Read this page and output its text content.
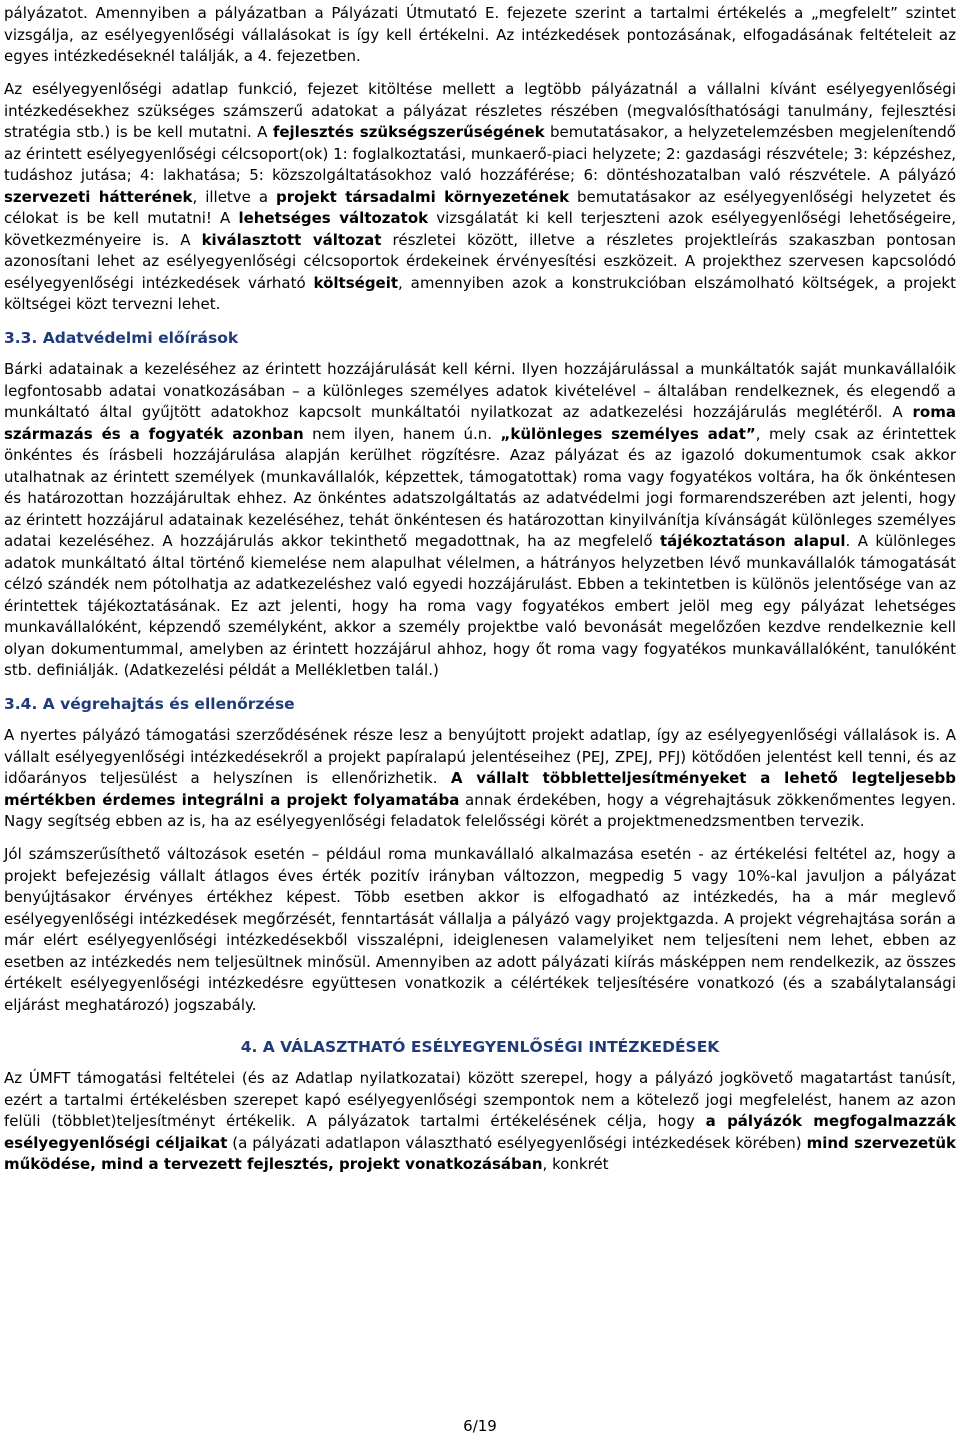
pályázatot. Amennyiben a pályázatban a Pályázati Útmutató E. fejezete szerint a tartalmi értékelés a „megfelelt” szintet vizsgálja, az esélyegyenlőségi vállalásokat is így kell értékelni. Az intézkedések pontozásának, elfogadásának feltételeit az egyes intézkedéseknél találják, a 4. fejezetben.
Az esélyegyenlőségi adatlap funkció, fejezet kitöltése mellett a legtöbb pályázatnál a vállalni kívánt esélyegyenlőségi intézkedésekhez szükséges számszerű adatokat a pályázat részletes részében (megvalósíthatósági tanulmány, fejlesztési stratégia stb.) is be kell mutatni. A fejlesztés szükségszerűségének bemutatásakor, a helyzetelemzésben megjelenítendő az érintett esélyegyenlőségi célcsoport(ok) 1: foglalkoztatási, munkaerő-piaci helyzete; 2: gazdasági részvétele; 3: képzéshez, tudáshoz jutása; 4: lakhatása; 5: közszolgáltatásokhoz való hozzáférése; 6: döntéshozatalban való részvétele. A pályázó szervezeti hátterének, illetve a projekt társadalmi környezetének bemutatásakor az esélyegyenlőségi helyzetet és célokat is be kell mutatni! A lehetséges változatok vizsgálatát ki kell terjeszteni azok esélyegyenlőségi lehetőségeire, következményeire is. A kiválasztott változat részletei között, illetve a részletes projektleírás szakaszban pontosan azonosítani lehet az esélyegyenlőségi célcsoportok érdekeinek érvényesítési eszközeit. A projekthez szervesen kapcsolódó esélyegyenlőségi intézkedések várható költségeit, amennyiben azok a konstrukcióban elszámolható költségek, a projekt költségei közt tervezni lehet.
3.3. Adatvédelmi előírások
Bárki adatainak a kezeléséhez az érintett hozzájárulását kell kérni. Ilyen hozzájárulással a munkáltatók saját munkavállalóik legfontosabb adatai vonatkozásában – a különleges személyes adatok kivételével – általában rendelkeznek, és elegendő a munkáltató által gyűjtött adatokhoz kapcsolt munkáltatói nyilatkozat az adatkezelési hozzájárulás meglétéről. A roma származás és a fogyaték azonban nem ilyen, hanem ú.n. „különleges személyes adat”, mely csak az érintettek önkéntes és írásbeli hozzájárulása alapján kerülhet rögzítésre. Azaz pályázat és az igazoló dokumentumok csak akkor utalhatnak az érintett személyek (munkavállalók, képzettek, támogatottak) roma vagy fogyatékos voltára, ha ők önkéntesen és határozottan hozzájárultak ehhez. Az önkéntes adatszolgáltatás az adatvédelmi jogi formarendszerében azt jelenti, hogy az érintett hozzájárul adatainak kezeléséhez, tehát önkéntesen és határozottan kinyilvánítja kívánságát különleges személyes adatai kezeléséhez. A hozzájárulás akkor tekinthető megadottnak, ha az megfelelő tájékoztatáson alapul. A különleges adatok munkáltató által történő kiemelése nem alapulhat vélelmen, a hátrányos helyzetben lévő munkavállalók támogatását célzó szándék nem pótolhatja az adatkezeléshez való egyedi hozzájárulást. Ebben a tekintetben is különös jelentősége van az érintettek tájékoztatásának. Ez azt jelenti, hogy ha roma vagy fogyatékos embert jelöl meg egy pályázat lehetséges munkavállalóként, képzendő személyként, akkor a személy projektbe való bevonását megelőzően kezdve rendelkeznie kell olyan dokumentummal, amelyben az érintett hozzájárul ahhoz, hogy őt roma vagy fogyatékos munkavállalóként, tanulóként stb. definiálják. (Adatkezelési példát a Mellékletben talál.)
3.4. A végrehajtás és ellenőrzése
A nyertes pályázó támogatási szerződésének része lesz a benyújtott projekt adatlap, így az esélyegyenlőségi vállalások is. A vállalt esélyegyenlőségi intézkedésekről a projekt papíralapú jelentéseihez (PEJ, ZPEJ, PFJ) kötődően jelentést kell tenni, és az időarányos teljesülést a helyszínen is ellenőrizhetik. A vállalt többletteljesítményeket a lehető legteljesebb mértékben érdemes integrálni a projekt folyamatába annak érdekében, hogy a végrehajtásuk zökkenőmentes legyen. Nagy segítség ebben az is, ha az esélyegyenlőségi feladatok felelősségi körét a projektmenedzsmentben tervezik.
Jól számszerűsíthető változások esetén – például roma munkavállaló alkalmazása esetén - az értékelési feltétel az, hogy a projekt befejezésig vállalt átlagos éves érték pozitív irányban változzon, megpedig 5 vagy 10%-kal javuljon a pályázat benyújtásakor érvényes értékhez képest. Több esetben akkor is elfogadható az intézkedés, ha a már meglevő esélyegyenlőségi intézkedések megőrzését, fenntartását vállalja a pályázó vagy projektgazda. A projekt végrehajtása során a már elért esélyegyenlőségi intézkedésekből visszalépni, ideiglenesen valamelyiket nem teljesíteni nem lehet, ebben az esetben az intézkedés nem teljesültnek minősül. Amennyiben az adott pályázati kiírás másképpen nem rendelkezik, az összes értékelt esélyegyenlőségi intézkedésre együttesen vonatkozik a célértékek teljesítésére vonatkozó (és a szabálytalansági eljárást meghatározó) jogszabály.
4. A VÁLASZTHATÓ ESÉLYEGYENLŐSÉGI INTÉZKEDÉSEK
Az ÚMFT támogatási feltételei (és az Adatlap nyilatkozatai) között szerepel, hogy a pályázó jogkövető magatartást tanúsít, ezért a tartalmi értékelésben szerepet kapó esélyegyenlőségi szempontok nem a kötelező jogi megfelelést, hanem az azon felüli (többlet)teljesítményt értékelik. A pályázatok tartalmi értékelésének célja, hogy a pályázók megfogalmazzák esélyegyenlőségi céljaikat (a pályázati adatlapon választható esélyegyenlőségi intézkedések körében) mind szervezetük működése, mind a tervezett fejlesztés, projekt vonatkozásában, konkrét
6/19
